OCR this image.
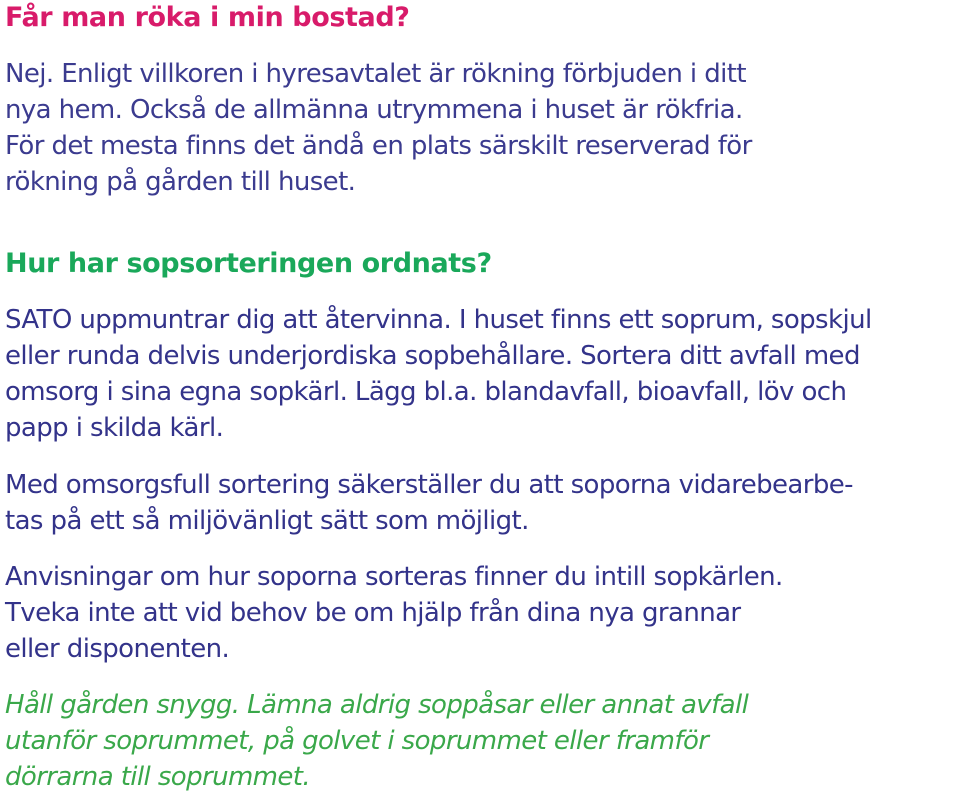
Får man röka i min bostad?
Nej. Enligt villkoren i hyresavtalet är rökning förbjuden i ditt
nya hem. Också de allmänna utrymmena i huset är rökfria.
För det mesta finns det ändå en plats särskilt reserverad för
rökning på gården till huset.
Hur har sopsorteringen ordnats?
SATO uppmuntrar dig att återvinna. I huset finns ett soprum, sopskjul
eller runda delvis underjordiska sopbehållare. Sortera ditt avfall med
omsorg i sina egna sopkärl. Lägg bl.a. blandavfall, bioavfall, löv och
papp i skilda kärl.
Med omsorgsfull sortering säkerställer du att soporna vidarebearbe-
tas på ett så miljövänligt sätt som möjligt.
Anvisningar om hur soporna sorteras finner du intill sopkärlen.
Tveka inte att vid behov be om hjälp från dina nya grannar
eller disponenten.
Håll gården snygg. Lämna aldrig soppåsar eller annat avfall
utanför soprummet, på golvet i soprummet eller framför
dörrarna till soprummet.
